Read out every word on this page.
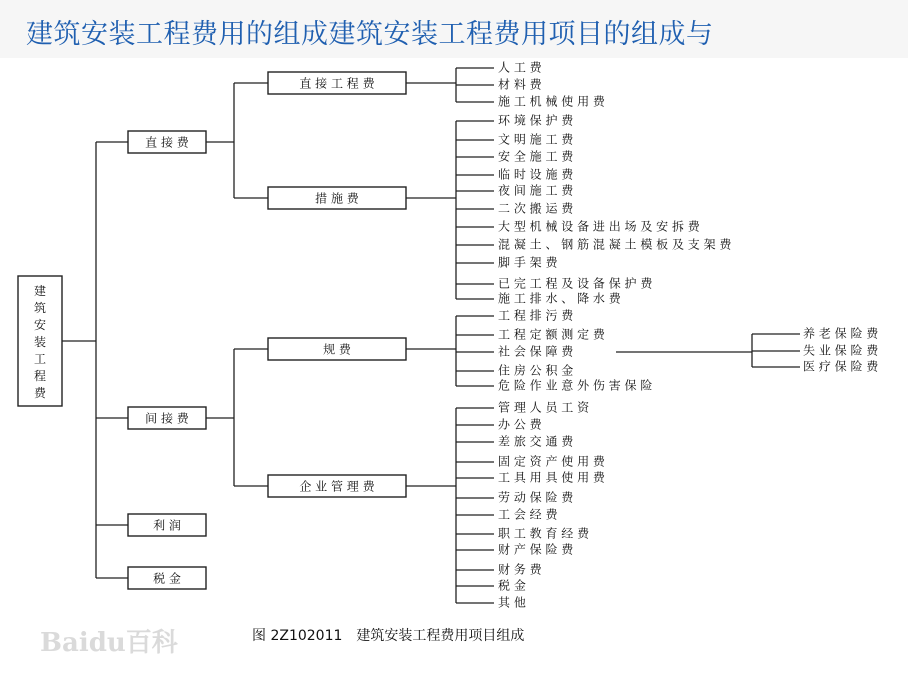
建筑安装工程费用的组成建筑安装工程费用项目的组成与
建筑安装工程费
直 接 费
直 接 工 程 费
人 工 费
材 料 费
施 工 机 械 使 用 费
措 施 费
环 境 保 护 费
文 明 施 工 费
安 全 施 工 费
临 时 设 施 费
夜 间 施 工 费
二 次 搬 运 费
大 型 机 械 设 备 进 出 场 及 安 拆 费
混 凝 土 、 钢 筋 混 凝 土 模 板 及 支 架 费
脚 手 架 费
已 完 工 程 及 设 备 保 护 费
施 工 排 水 、 降 水 费
间 接 费
规 费
工 程 排 污 费
工 程 定 额 测 定 费
社 会 保 障 费
住 房 公 积 金
危 险 作 业 意 外 伤 害 保 险
企 业 管 理 费
管 理 人 员 工 资
办 公 费
差 旅 交 通 费
固 定 资 产 使 用 费
工 具 用 具 使 用 费
劳 动 保 险 费
工 会 经 费
职 工 教 育 经 费
财 产 保 险 费
财 务 费
税 金
其 他
利 润
税 金
养 老 保 险 费
失 业 保 险 费
医 疗 保 险 费
Baidu百科	图 2Z102011　建筑安装工程费用项目组成
